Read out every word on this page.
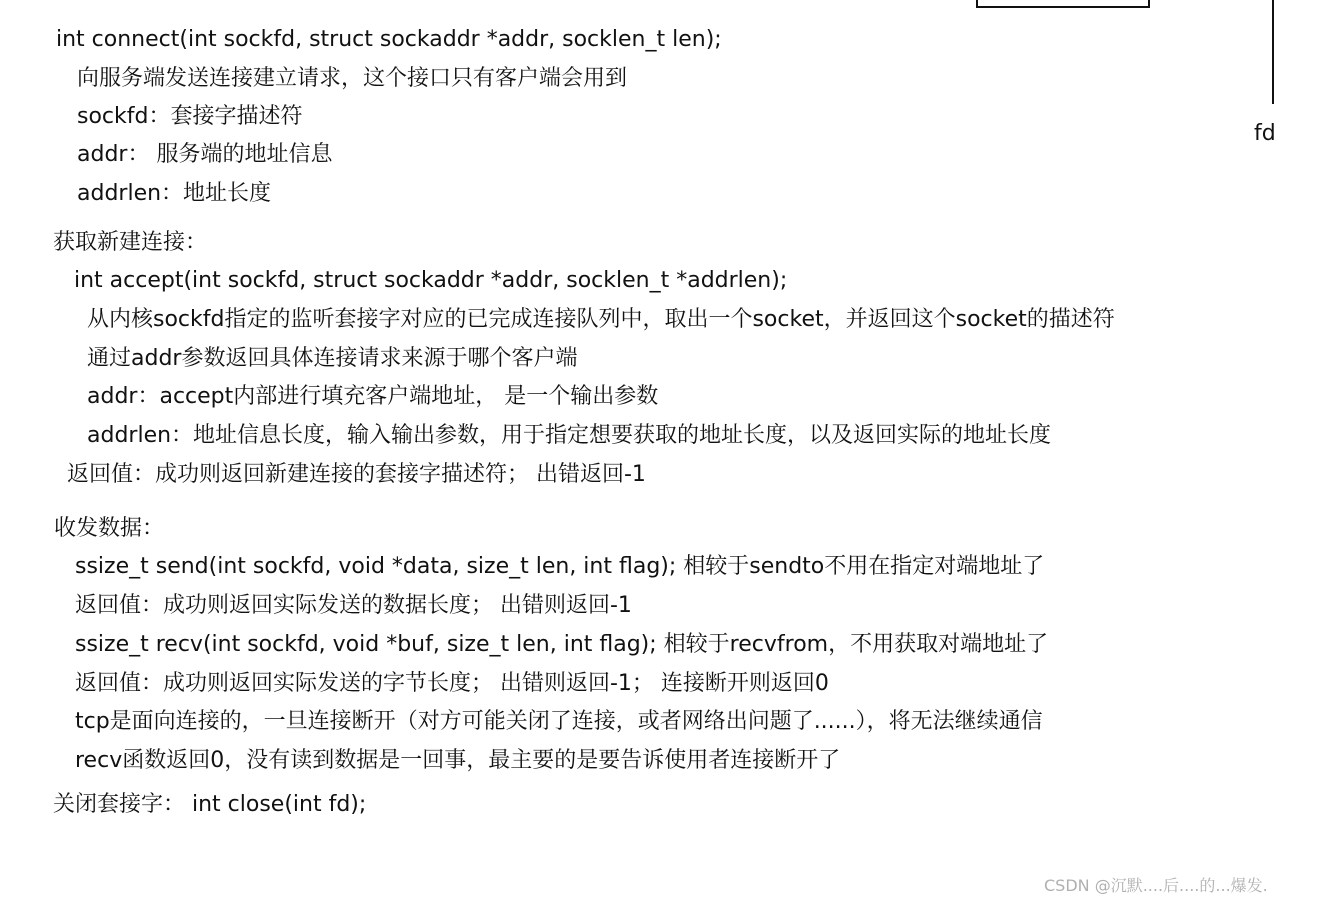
fd
int connect(int sockfd, struct sockaddr *addr, socklen_t len);
向服务端发送连接建立请求，这个接口只有客户端会用到
sockfd：套接字描述符
addr： 服务端的地址信息
addrlen：地址长度
获取新建连接：
int accept(int sockfd, struct sockaddr *addr, socklen_t *addrlen);
从内核sockfd指定的监听套接字对应的已完成连接队列中，取出一个socket，并返回这个socket的描述符
通过addr参数返回具体连接请求来源于哪个客户端
addr：accept内部进行填充客户端地址， 是一个输出参数
addrlen：地址信息长度，输入输出参数，用于指定想要获取的地址长度，以及返回实际的地址长度
返回值：成功则返回新建连接的套接字描述符； 出错返回-1
收发数据：
ssize_t send(int sockfd, void *data, size_t len, int flag); 相较于sendto不用在指定对端地址了
返回值：成功则返回实际发送的数据长度； 出错则返回-1
ssize_t recv(int sockfd, void *buf, size_t len, int flag); 相较于recvfrom，不用获取对端地址了
返回值：成功则返回实际发送的字节长度； 出错则返回-1； 连接断开则返回0
tcp是面向连接的，一旦连接断开（对方可能关闭了连接，或者网络出问题了......），将无法继续通信
recv函数返回0，没有读到数据是一回事，最主要的是要告诉使用者连接断开了
关闭套接字： int close(int fd);
CSDN @沉默....后....的...爆发.
